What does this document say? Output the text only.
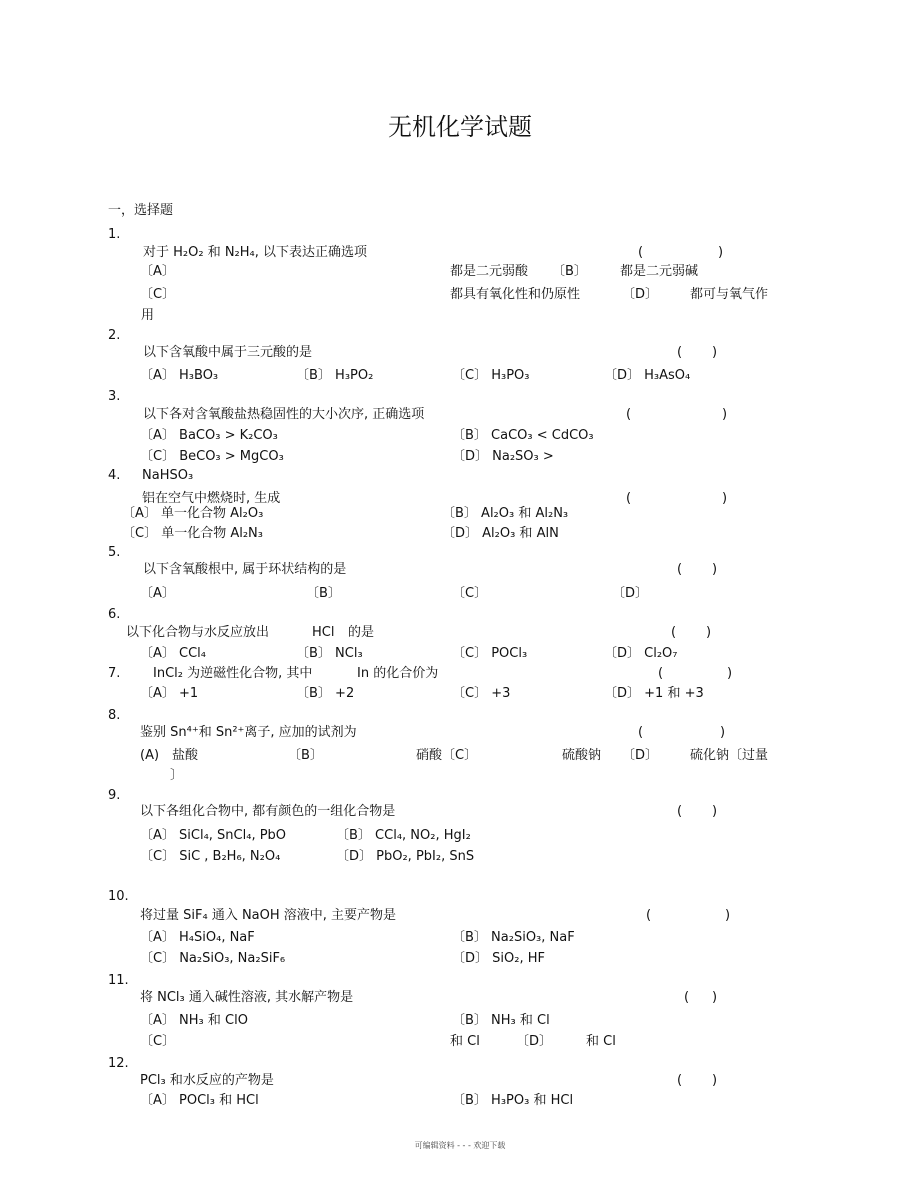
无机化学试题
一，选择题
1.
对于 H₂O₂ 和 N₂H₄, 以下表达正确选项	(	)
〔A〕	都是二元弱酸 〔B〕	都是二元弱碱
〔C〕	都具有氧化性和仍原性	〔D〕 都可与氧气作
用
2.
以下含氧酸中属于三元酸的是	( )
〔A〕 H₃BO₃	〔B〕 H₃PO₂	〔C〕 H₃PO₃	〔D〕 H₃AsO₄
3.
以下各对含氧酸盐热稳固性的大小次序, 正确选项	(	)
〔A〕 BaCO₃ > K₂CO₃	〔B〕 CaCO₃ < CdCO₃
〔C〕 BeCO₃ > MgCO₃	〔D〕 Na₂SO₃ >
4. NaHSO₃
铝在空气中燃烧时, 生成	(	)
〔A〕 单一化合物 Al₂O₃	〔B〕 Al₂O₃ 和 Al₂N₃
〔C〕 单一化合物 Al₂N₃	〔D〕 Al₂O₃ 和 AlN
5.
以下含氧酸根中, 属于环状结构的是	( )
〔A〕	〔B〕	〔C〕	〔D〕
6.
以下化合物与水反应放出	HCl 的是	( )
〔A〕 CCl₄	〔B〕 NCl₃	〔C〕 POCl₃	〔D〕 Cl₂O₇
7.	InCl₂ 为逆磁性化合物, 其中	In 的化合价为	(	)
〔A〕 +1	〔B〕 +2	〔C〕 +3	〔D〕 +1 和 +3
8.
鉴别 Sn⁴⁺和 Sn²⁺离子, 应加的试剂为	(	)
(A) 盐酸	〔B〕	硝酸〔C〕	硫酸钠 〔D〕 硫化钠〔过量
〕
9.
以下各组化合物中, 都有颜色的一组化合物是	( )
〔A〕 SiCl₄, SnCl₄, PbO	〔B〕 CCl₄, NO₂, HgI₂
〔C〕 SiC , B₂H₆, N₂O₄	〔D〕 PbO₂, PbI₂, SnS
10.
将过量 SiF₄ 通入 NaOH 溶液中, 主要产物是	(	)
〔A〕 H₄SiO₄, NaF	〔B〕 Na₂SiO₃, NaF
〔C〕 Na₂SiO₃, Na₂SiF₆	〔D〕 SiO₂, HF
11.
将 NCl₃ 通入碱性溶液, 其水解产物是	( )
〔A〕 NH₃ 和 ClO	〔B〕 NH₃ 和 Cl
〔C〕	和 Cl	〔D〕	和 Cl
12.
PCl₃ 和水反应的产物是	( )
〔A〕 POCl₃ 和 HCl	〔B〕 H₃PO₃ 和 HCl
可编辑资料 - - - 欢迎下载
